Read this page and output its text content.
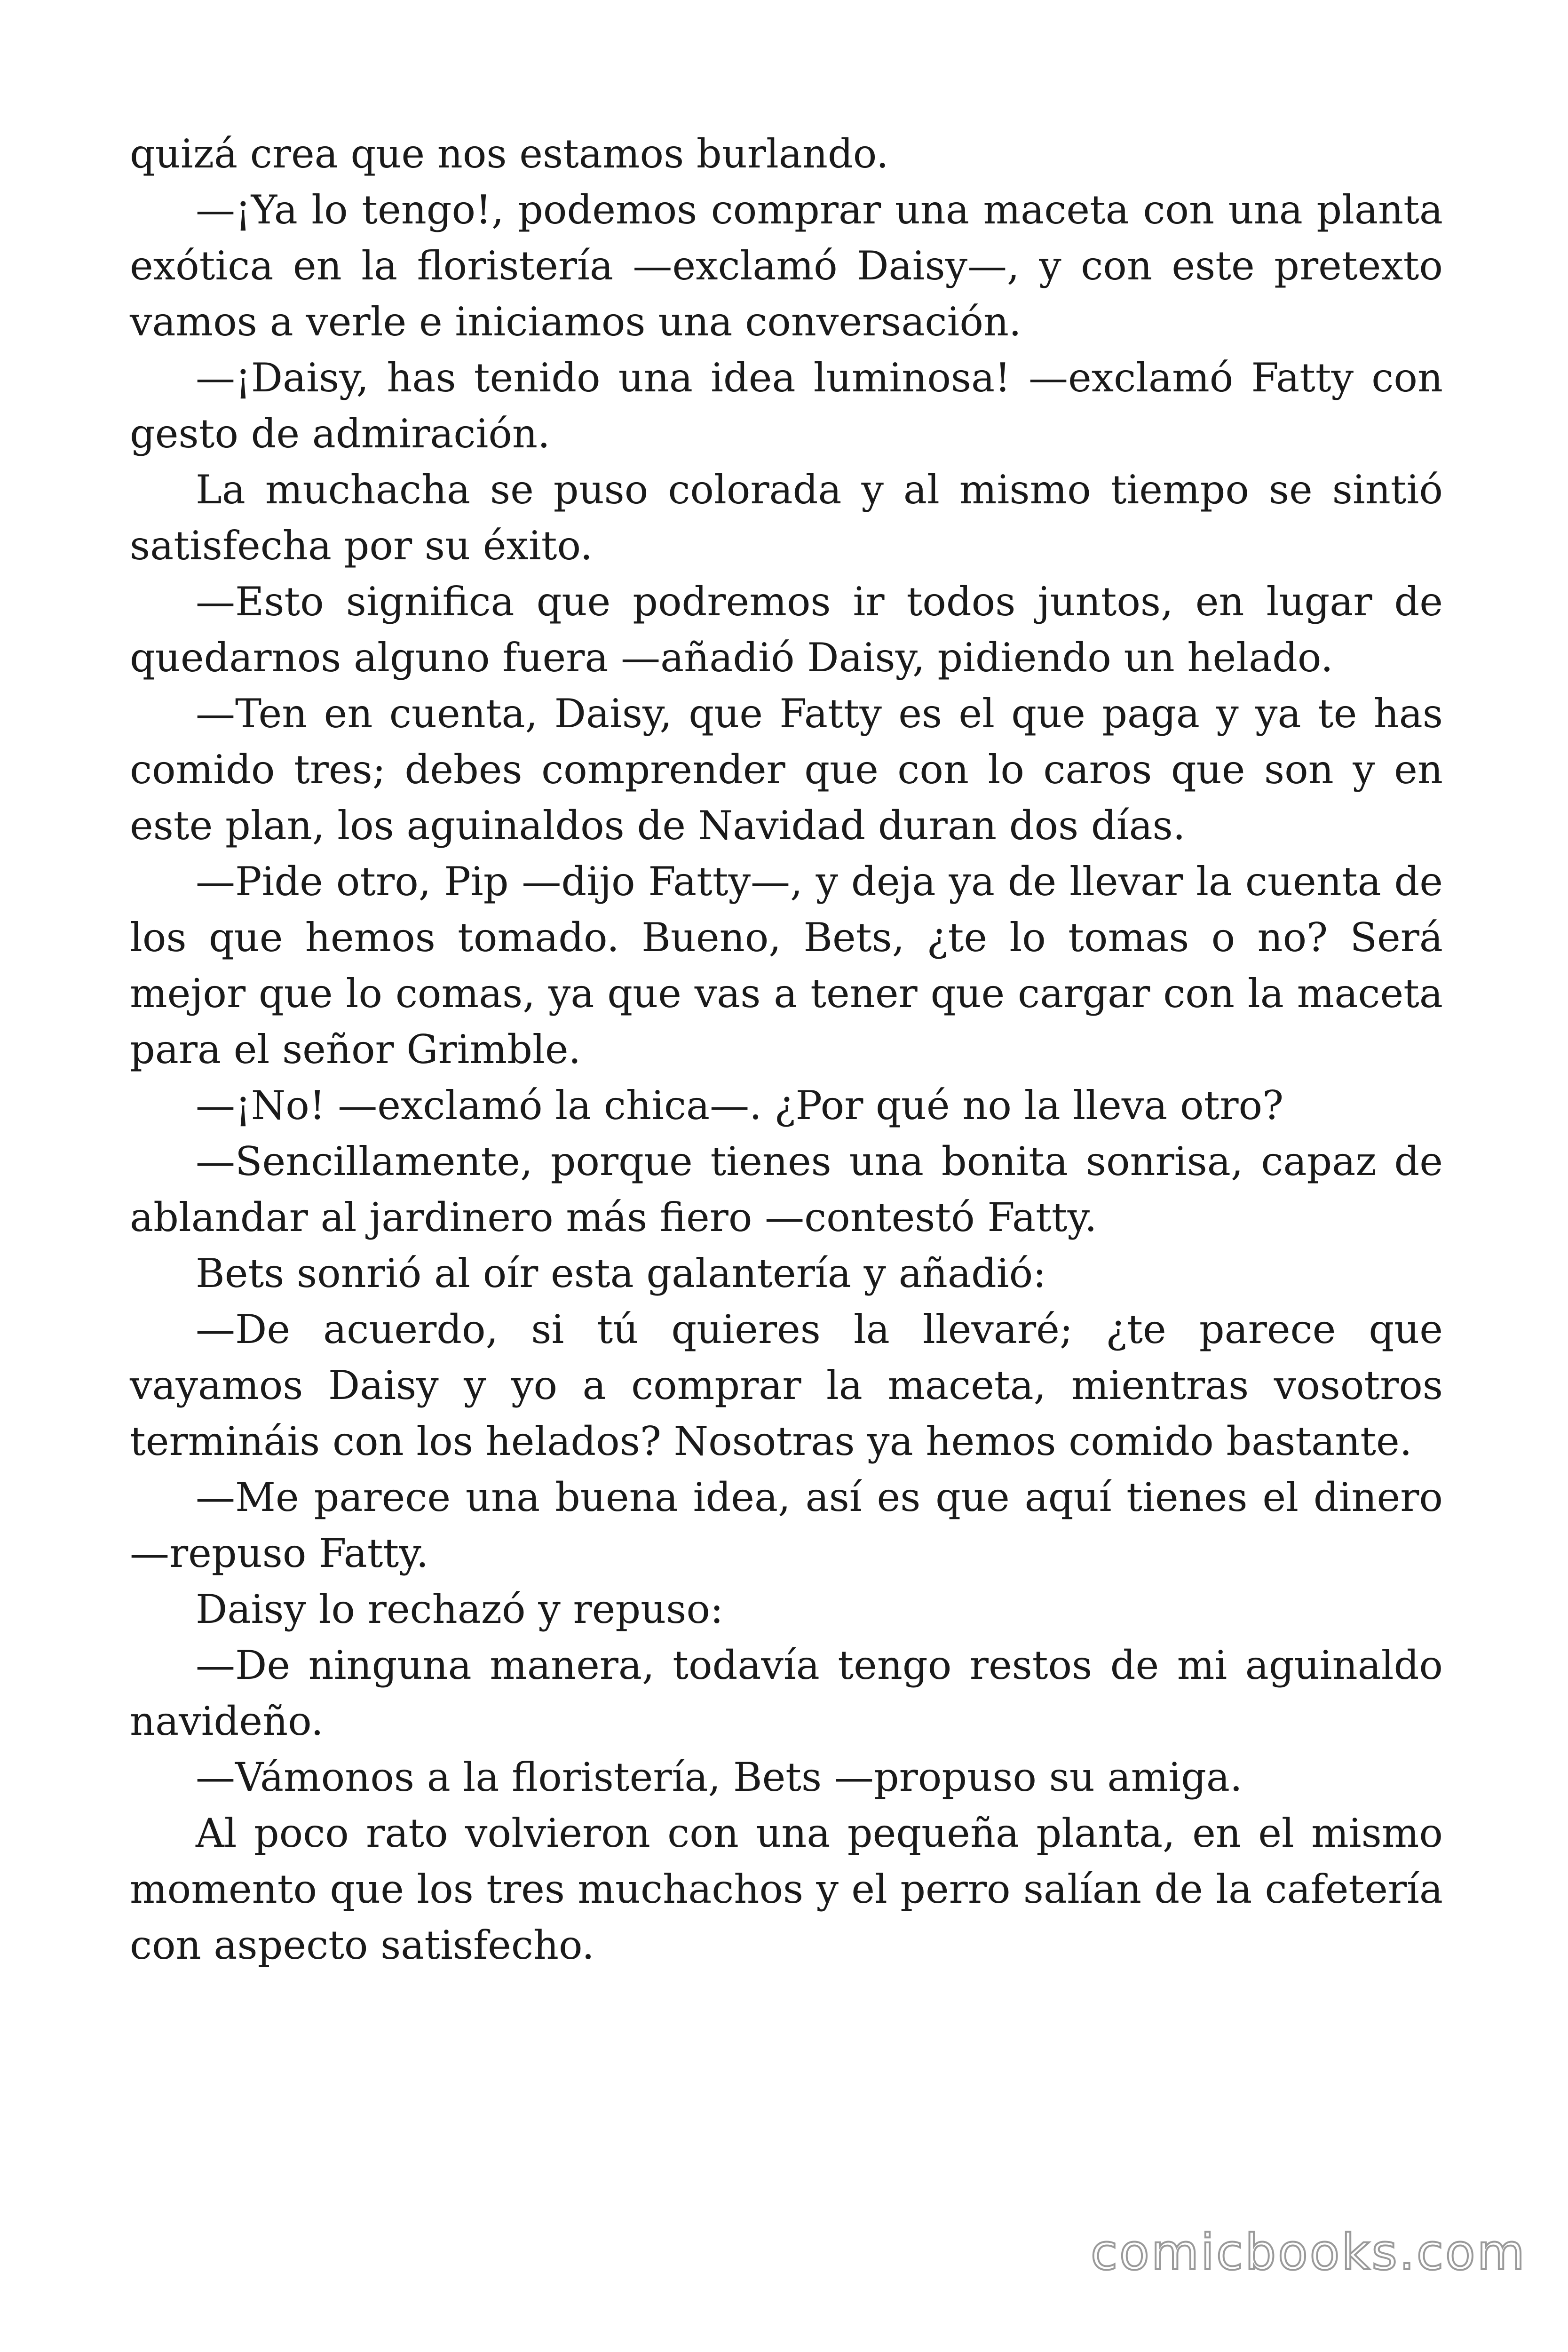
quizá crea que nos estamos burlando.

—¡Ya lo tengo!, podemos comprar una maceta con una planta exótica en la floristería —exclamó Daisy—, y con este pretexto vamos a verle e iniciamos una conversación.

—¡Daisy, has tenido una idea luminosa! —exclamó Fatty con gesto de admiración.

La muchacha se puso colorada y al mismo tiempo se sintió satisfecha por su éxito.

—Esto significa que podremos ir todos juntos, en lugar de quedarnos alguno fuera —añadió Daisy, pidiendo un helado.

—Ten en cuenta, Daisy, que Fatty es el que paga y ya te has comido tres; debes comprender que con lo caros que son y en este plan, los aguinaldos de Navidad duran dos días.

—Pide otro, Pip —dijo Fatty—, y deja ya de llevar la cuenta de los que hemos tomado. Bueno, Bets, ¿te lo tomas o no? Será mejor que lo comas, ya que vas a tener que cargar con la maceta para el señor Grimble.

—¡No! —exclamó la chica—. ¿Por qué no la lleva otro?

—Sencillamente, porque tienes una bonita sonrisa, capaz de ablandar al jardinero más fiero —contestó Fatty.

Bets sonrió al oír esta galantería y añadió:

—De acuerdo, si tú quieres la llevaré; ¿te parece que vayamos Daisy y yo a comprar la maceta, mientras vosotros termináis con los helados? Nosotras ya hemos comido bastante.

—Me parece una buena idea, así es que aquí tienes el dinero —repuso Fatty.

Daisy lo rechazó y repuso:

—De ninguna manera, todavía tengo restos de mi aguinaldo navideño.

—Vámonos a la floristería, Bets —propuso su amiga.

Al poco rato volvieron con una pequeña planta, en el mismo momento que los tres muchachos y el perro salían de la cafetería con aspecto satisfecho.

comicbooks.com
